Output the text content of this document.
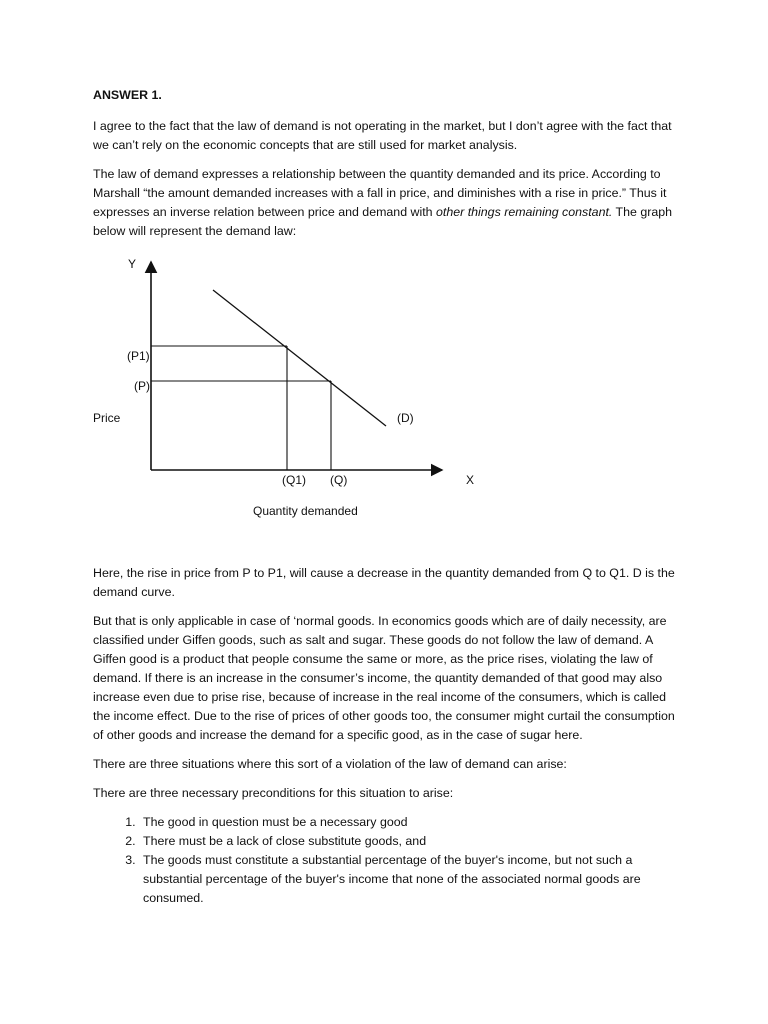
ANSWER 1.

I agree to the fact that the law of demand is not operating in the market, but I don’t agree with the fact that we can’t rely on the economic concepts that are still used for market analysis.

The law of demand expresses a relationship between the quantity demanded and its price. According to Marshall “the amount demanded increases with a fall in price, and diminishes with a rise in price.” Thus it expresses an inverse relation between price and demand with other things remaining constant. The graph below will represent the demand law:

Y
(P1)
(P)
Price	(D)
(Q1) (Q)	X
Quantity demanded

Here, the rise in price from P to P1, will cause a decrease in the quantity demanded from Q to Q1. D is the demand curve.

But that is only applicable in case of ‘normal goods. In economics goods which are of daily necessity, are classified under Giffen goods, such as salt and sugar. These goods do not follow the law of demand. A Giffen good is a product that people consume the same or more, as the price rises, violating the law of demand. If there is an increase in the consumer’s income, the quantity demanded of that good may also increase even due to prise rise, because of increase in the real income of the consumers, which is called the income effect. Due to the rise of prices of other goods too, the consumer might curtail the consumption of other goods and increase the demand for a specific good, as in the case of sugar here.

There are three situations where this sort of a violation of the law of demand can arise:

There are three necessary preconditions for this situation to arise:

1. The good in question must be a necessary good
2. There must be a lack of close substitute goods, and
3. The goods must constitute a substantial percentage of the buyer's income, but not such a substantial percentage of the buyer's income that none of the associated normal goods are consumed.
